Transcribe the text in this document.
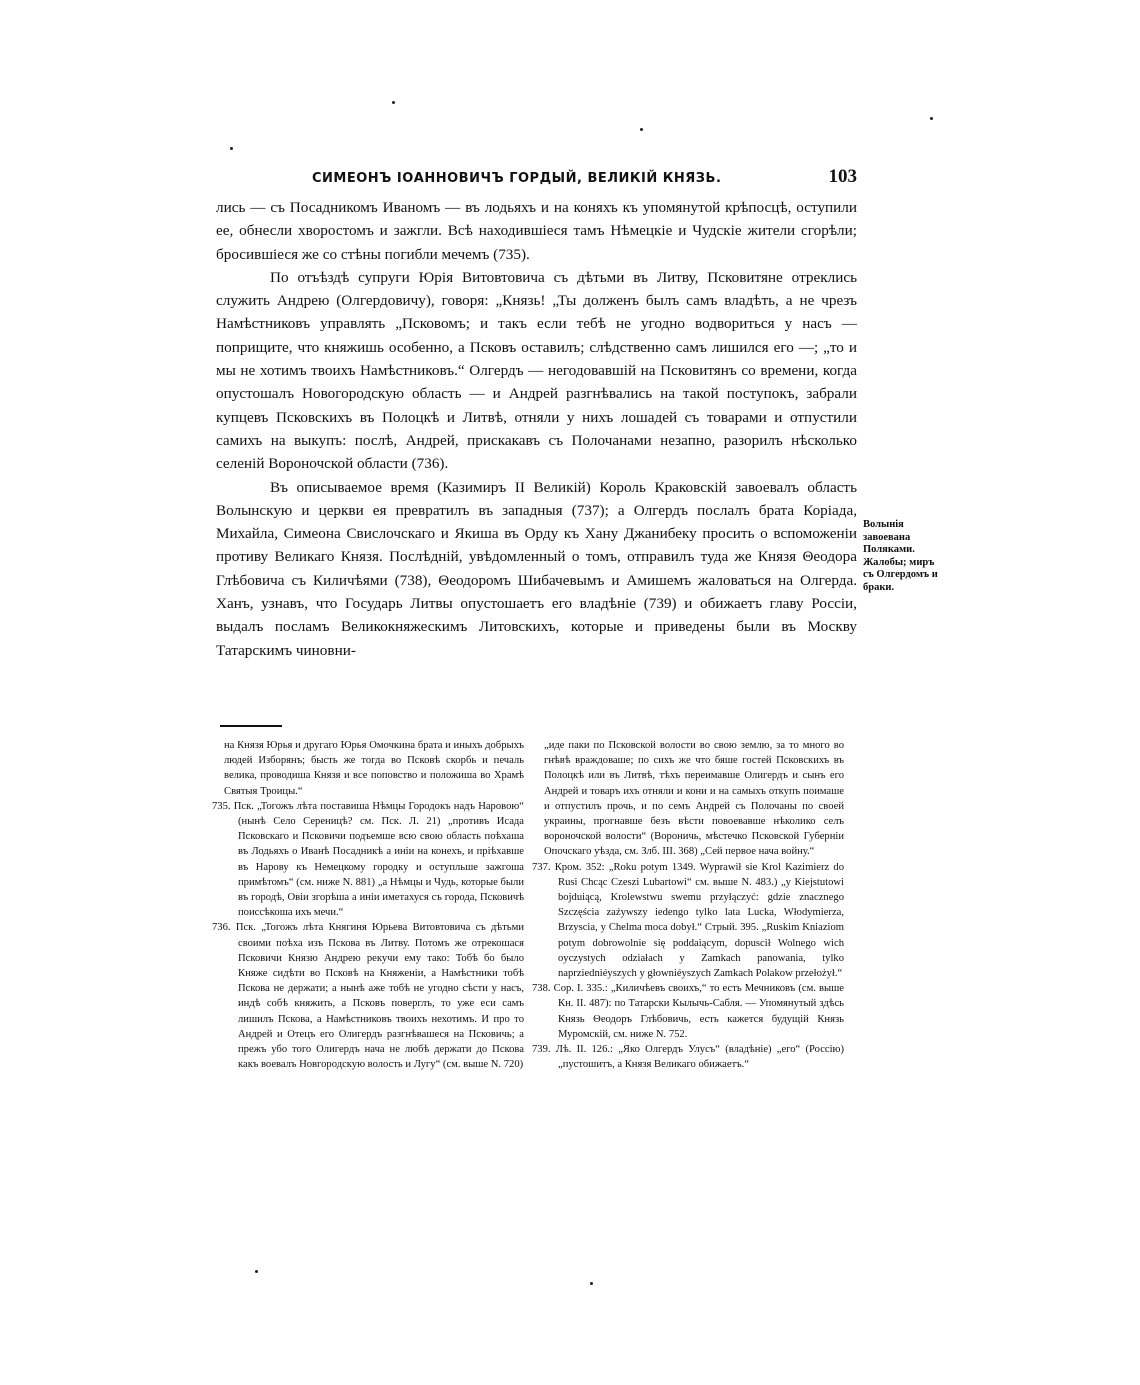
СИМЕОНЪ ІОАННОВИЧЪ ГОРДЫЙ, ВЕЛИКІЙ КНЯЗЬ.	103

лись — съ Посадникомъ Иваномъ — въ лодьяхъ и на коняхъ къ упомянутой крѣпосцѣ, оступили ее, обнесли хворостомъ и зажгли. Всѣ находившіеся тамъ Нѣмецкіе и Чудскіе жители сгорѣли; бросившіеся же со стѣны погибли мечемъ (735).

По отъѣздѣ супруги Юрія Витовтовича съ дѣтьми въ Литву, Псковитяне отреклись служить Андрею (Олгердовичу), говоря: „Князь! „Ты долженъ былъ самъ владѣть, а не чрезъ Намѣстниковъ управлять „Псковомъ; и такъ если тебѣ не угодно водвориться у насъ — поприщите, что княжишь особенно, а Псковъ оставилъ; слѣдственно самъ лишился его —; „то и мы не хотимъ твоихъ Намѣстниковъ.“ Олгердъ — негодовавшій на Псковитянъ со времени, когда опустошалъ Новогородскую область — и Андрей разгнѣвались на такой поступокъ, забрали купцевъ Псковскихъ въ Полоцкѣ и Литвѣ, отняли у нихъ лошадей съ товарами и отпустили самихъ на выкупъ: послѣ, Андрей, прискакавъ съ Полочанами незапно, разорилъ нѣсколько селеній Вороночской области (736).

Въ описываемое время (Казимиръ II Великій) Король Краковскій завоевалъ область Волынскую и церкви ея превратилъ въ западныя (737); а Олгердъ послалъ брата Коріада, Михайла, Симеона Свислочскаго и Якиша въ Орду къ Хану Джанибеку просить о вспоможеніи противу Великаго Князя. Послѣдній, увѣдомленный о томъ, отправилъ туда же Князя Θеодора Глѣбовича съ Киличѣями (738), Θеодоромъ Шибачевымъ и Амишемъ жаловаться на Олгерда. Ханъ, узнавъ, что Государь Литвы опустошаетъ его владѣніе (739) и обижаетъ главу Россіи, выдалъ посламъ Великокняжескимъ Литовскихъ, которые и приведены были въ Москву Татарскимъ чиновни-

Волынія завоевана Поляками. Жалобы; миръ съ Олгердомъ и браки.

на Князя Юрья и другаго Юрья Омочкина брата и иныхъ добрыхъ людей Изборянъ; бысть же тогда во Псковѣ скорбь и печаль велика, проводиша Князя и все поповство и положиша во Храмѣ Святыя Троицы.“

735. Пск. „Тогожъ лѣта поставиша Нѣмцы Городокъ надъ Наровою“ (нынѣ Село Сеpеницѣ? см. Пск. Л. 21) „противъ Исада Псковскаго и Псковичи подъемше всю свою область поѣхаша въ Лодьяхъ о Иванѣ Посадникѣ а иніи на конехъ, и пріѣхавше въ Нарову къ Немецкому городку и оступльше зажгоша примѣтомъ“ (см. ниже N. 881) „а Нѣмцы и Чудь, которые были въ городѣ, Овіи згорѣша а иніи иметахуся съ города, Псковичѣ поиссѣкоша ихъ мечи.“

736. Пск. „Тогожъ лѣта Княгиня Юрьева Витовтовича съ дѣтьми своими поѣха изъ Пскова въ Литву. Потомъ же отрекошася Псковичи Князю Андрею рекучи ему тако: Тобѣ бо было Княже сидѣти во Псковѣ на Княженіи, а Намѣстники тобѣ Пскова не держати; а нынѣ аже тобѣ не угодно сѣсти у насъ, индѣ собѣ княжить, а Псковъ поверглъ, то уже еси самъ лишилъ Пскова, а Намѣстниковъ твоихъ нехотимъ. И про то Андрей и Отецъ его Олигердъ разгнѣвашеся на Псковичь; а прежъ убо того Олигердъ нача не любѣ держати до Пскова какъ воевалъ Новгородскую волость и Лугу“ (см. выше N. 720)

„иде паки по Псковской волости во свою землю, за то много во гнѣвѣ враждоваше; по сихъ же что бяше гостей Псковскихъ въ Полоцкѣ или въ Литвѣ, тѣхъ переимавше Олигердъ и сынъ его Андрей и товаръ ихъ отняли и кони и на самыхъ откупъ поимаше и отпустилъ прочь, и по семъ Андрей съ Полочаны по своей украины, прогнавше безъ вѣсти повоевавше нѣколико селъ вороночской волости“ (Вороничь, мѣстечко Псковской Губерніи Опочскаго уѣзда, см. Злб. III. 368) „Сей первое нача войну.“

737. Кром. 352: „Roku potym 1349. Wyprawił sie Krol Kazimierz do Rusi Chcąc Czeszi Lubartowi“ см. выше N. 483.) „y Kiejstutowi bojduiącą, Krolewstwu swemu przyłączyć: gdzie znacznego Szczęścia zaźywszy iedengo tylko lata Lucka, Włodymierza, Brzyscia, y Chelma moca dobył.“ Стрый. 395. „Ruskim Kniaziom potym dobrowolnie się poddaiącym, dopuscił Wolnego wich oyczystych odziałach y Zamkach panowania, tylko naprziedniéyszych y głowniéyszych Zamkach Polakow przełożył.“

738. Сoр. I. 335.: „Киличѣевъ своихъ,“ то есть Мечниковъ (см. выше Кн. II. 487): по Татарски Кылычь-Сабля. — Упомянутый здѣсь Князь Θеодоръ Глѣбовичь, есть кажется будущій Князь Муромскій, см. ниже N. 752.

739. Лѣ. II. 126.: „Яко Олгердъ Улусъ“ (владѣніе) „его“ (Россію) „пустошитъ, а Князя Великаго обижаетъ.“
